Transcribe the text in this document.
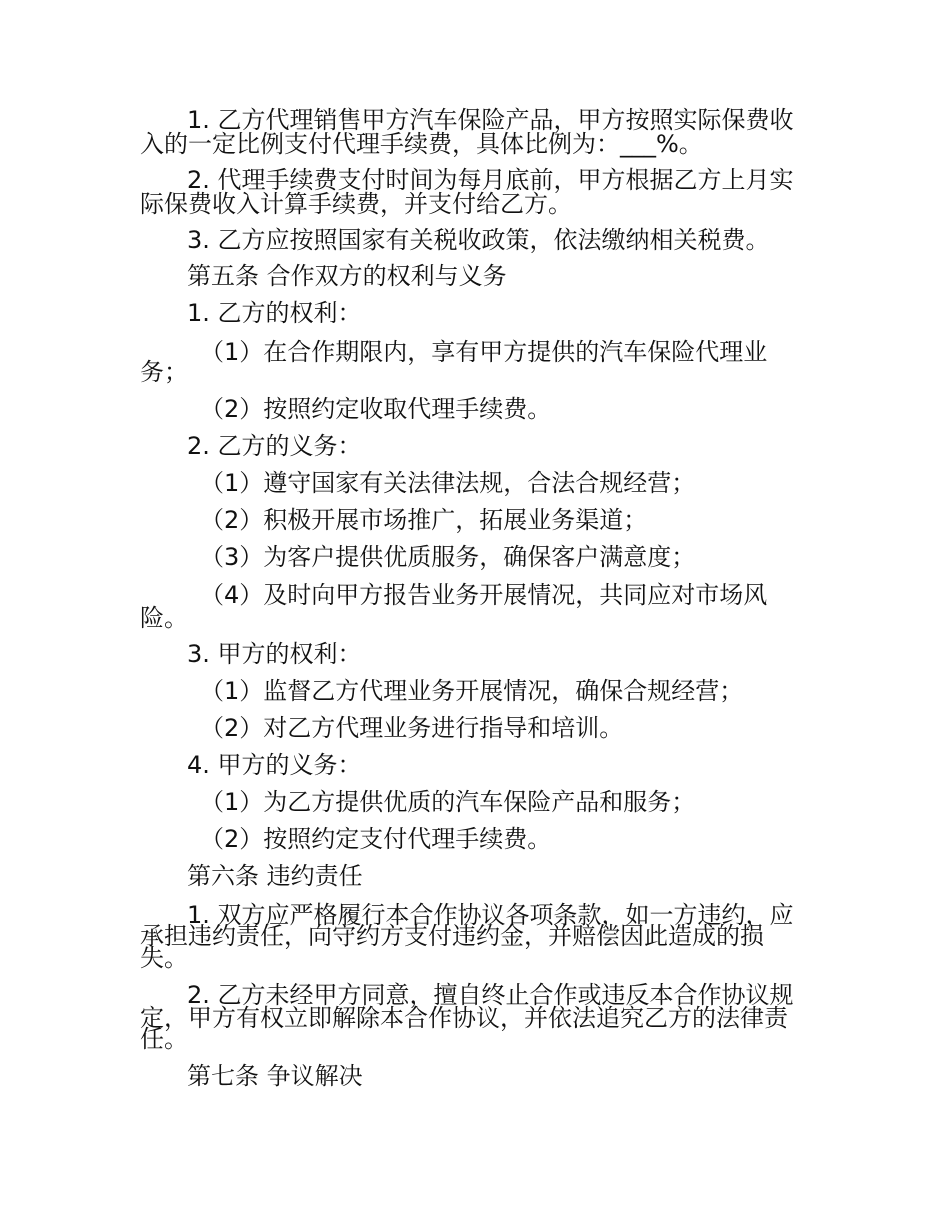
1. 乙方代理销售甲方汽车保险产品，甲方按照实际保费收
入的一定比例支付代理手续费，具体比例为：___%。
2. 代理手续费支付时间为每月底前，甲方根据乙方上月实
际保费收入计算手续费，并支付给乙方。
3. 乙方应按照国家有关税收政策，依法缴纳相关税费。
第五条 合作双方的权利与义务
1. 乙方的权利：
（1）在合作期限内，享有甲方提供的汽车保险代理业
务；
（2）按照约定收取代理手续费。
2. 乙方的义务：
（1）遵守国家有关法律法规，合法合规经营；
（2）积极开展市场推广，拓展业务渠道；
（3）为客户提供优质服务，确保客户满意度；
（4）及时向甲方报告业务开展情况，共同应对市场风
险。
3. 甲方的权利：
（1）监督乙方代理业务开展情况，确保合规经营；
（2）对乙方代理业务进行指导和培训。
4. 甲方的义务：
（1）为乙方提供优质的汽车保险产品和服务；
（2）按照约定支付代理手续费。
第六条 违约责任
1. 双方应严格履行本合作协议各项条款，如一方违约，应
承担违约责任，向守约方支付违约金，并赔偿因此造成的损
失。
2. 乙方未经甲方同意，擅自终止合作或违反本合作协议规
定，甲方有权立即解除本合作协议，并依法追究乙方的法律责
任。
第七条 争议解决
